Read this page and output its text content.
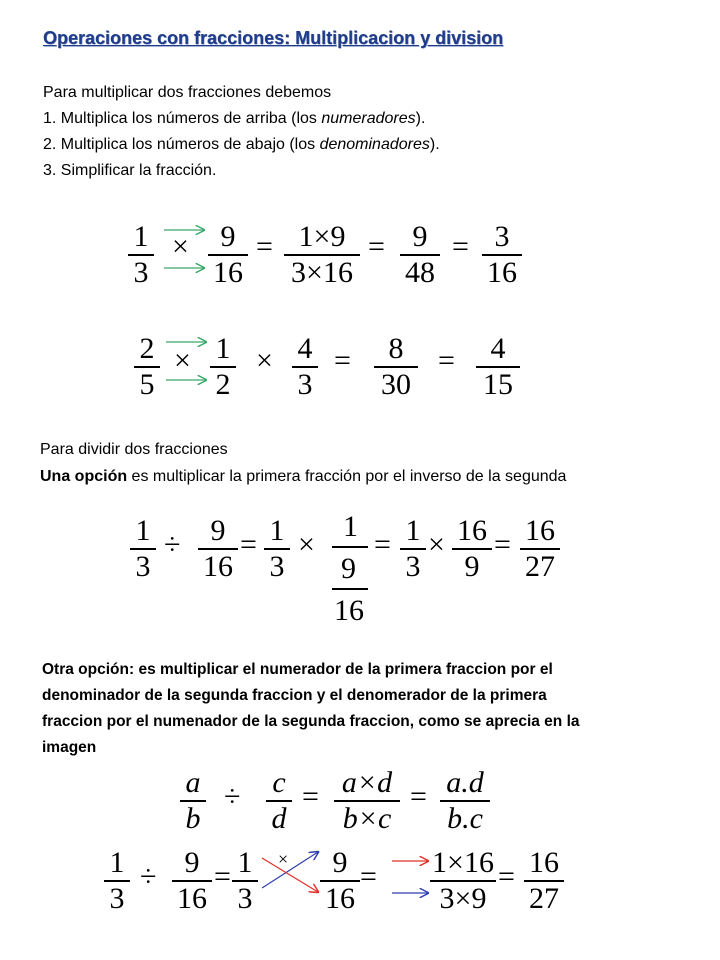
Operaciones con fracciones: Multiplicacion y division
Para multiplicar dos fracciones debemos
1. Multiplica los números de arriba (los numeradores).
2. Multiplica los números de abajo (los denominadores).
3. Simplificar la fracción.
1
3
×	9
16
= 1×9
3×16
= 9
48
= 3
16
2
5
× 1
2
× 4
3
=	8
30
=	4
15
Para dividir dos fracciones
Una opción es multiplicar la primera fracción por el inverso de la segunda
1
3
÷	9
16
= 1
3
×
1
9
16
= 1
3
× 16
9
= 16
27
Otra opción: es multiplicar el numerador de la primera fraccion por el
denominador de la segunda fraccion y el denomerador de la primera
fraccion por el numenador de la segunda fraccion, como se aprecia en la
imagen
a
b
÷ c
d
= a×d
b×c
= a.d
b.c
1
3
÷ 9
16
= 1
3
×	9
16
= 1×16
3×9
= 16
27
